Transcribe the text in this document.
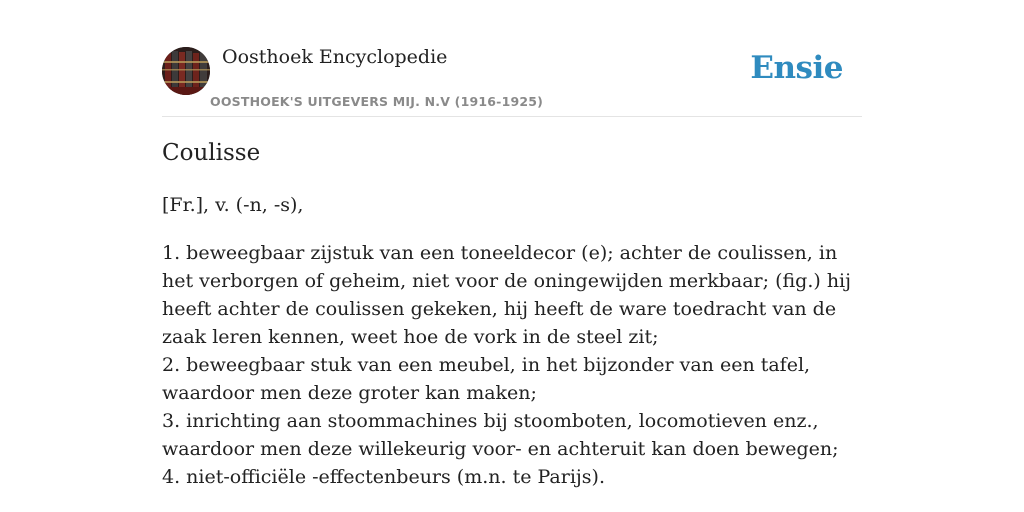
Oosthoek Encyclopedie
OOSTHOEK'S UITGEVERS MIJ. N.V (1916-1925)
Ensie
Coulisse
[Fr.], v. (-n, -s),

1. beweegbaar zijstuk van een toneeldecor (e); achter de coulissen, in het verborgen of geheim, niet voor de oningewijden merkbaar; (fig.) hij heeft achter de coulissen gekeken, hij heeft de ware toedracht van de zaak leren kennen, weet hoe de vork in de steel zit;

2. beweegbaar stuk van een meubel, in het bijzonder van een tafel, waardoor men deze groter kan maken;

3. inrichting aan stoommachines bij stoomboten, locomotieven enz., waardoor men deze willekeurig voor- en achteruit kan doen bewegen;

4. niet-officiële -effectenbeurs (m.n. te Parijs).
